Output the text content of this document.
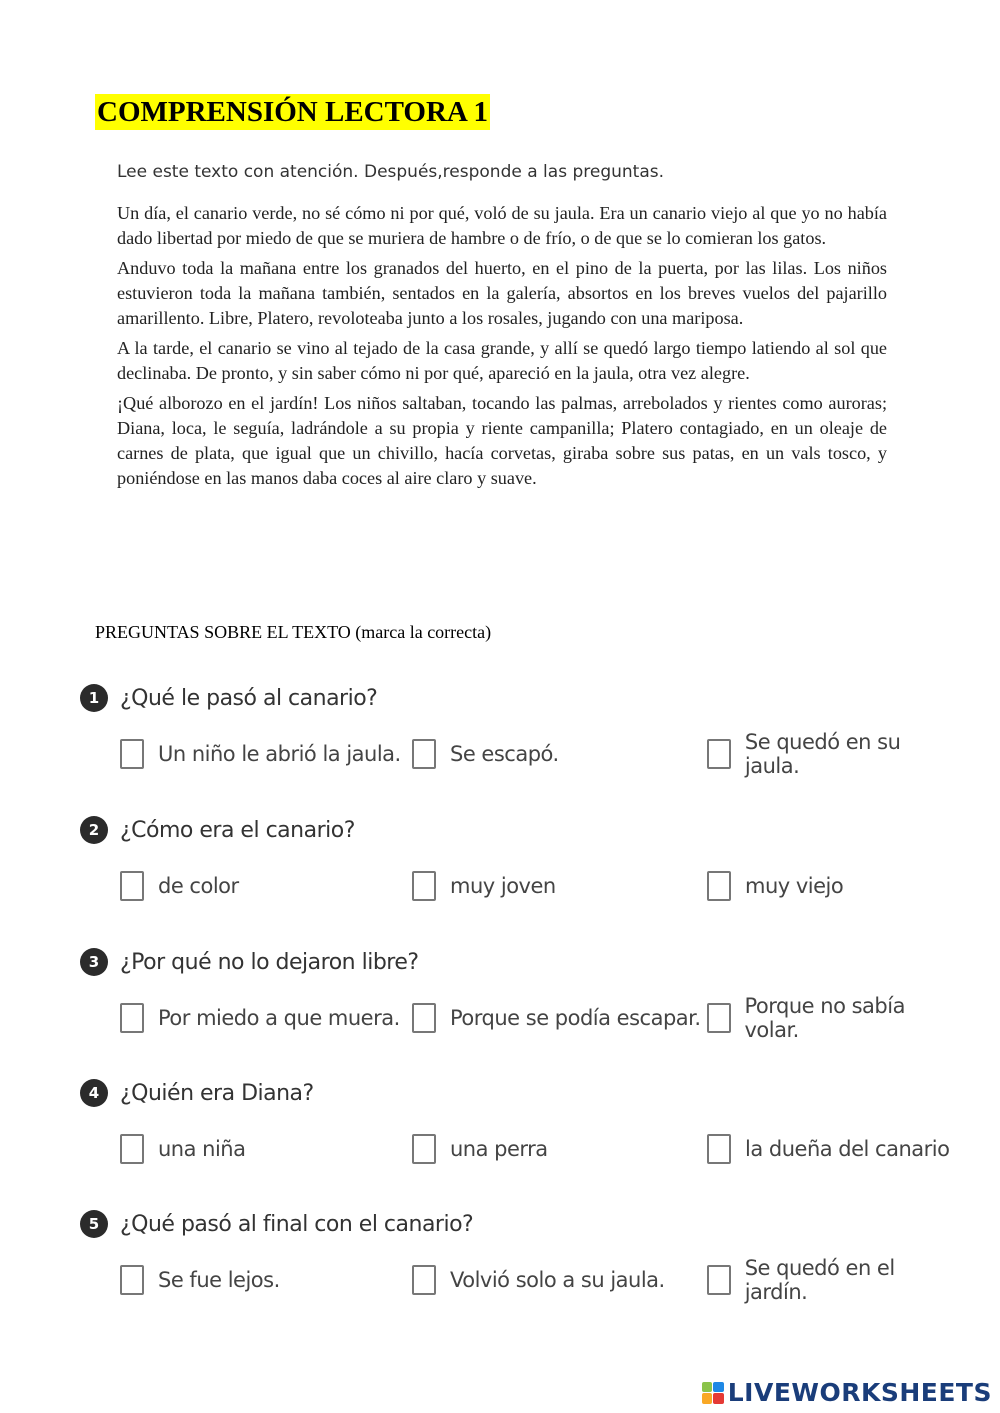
COMPRENSIÓN LECTORA 1
Lee este texto con atención. Después,responde a las preguntas.

Un día, el canario verde, no sé cómo ni por qué, voló de su jaula. Era un canario viejo al que yo no había dado libertad por miedo de que se muriera de hambre o de frío, o de que se lo comieran los gatos.

Anduvo toda la mañana entre los granados del huerto, en el pino de la puerta, por las lilas. Los niños estuvieron toda la mañana también, sentados en la galería, absortos en los breves vuelos del pajarillo amarillento. Libre, Platero, revoloteaba junto a los rosales, jugando con una mariposa.

A la tarde, el canario se vino al tejado de la casa grande, y allí se quedó largo tiempo latiendo al sol que declinaba. De pronto, y sin saber cómo ni por qué, apareció en la jaula, otra vez alegre.

¡Qué alborozo en el jardín! Los niños saltaban, tocando las palmas, arrebolados y rientes como auroras; Diana, loca, le seguía, ladrándole a su propia y riente campanilla; Platero contagiado, en un oleaje de carnes de plata, que igual que un chivillo, hacía corvetas, giraba sobre sus patas, en un vals tosco, y poniéndose en las manos daba coces al aire claro y suave.

PREGUNTAS SOBRE EL TEXTO (marca la correcta)
1 ¿Qué le pasó al canario?
Un niño le abrió la jaula. Se escapó.	Se quedó en su jaula.
2 ¿Cómo era el canario?
de color	muy joven	muy viejo
3 ¿Por qué no lo dejaron libre?
Por miedo a que muera. Porque se podía escapar. Porque no sabía volar.
4 ¿Quién era Diana?
una niña	una perra	la dueña del canario
5 ¿Qué pasó al final con el canario?
Se fue lejos.	Volvió solo a su jaula.	Se quedó en el jardín.
LIVEWORKSHEETS
